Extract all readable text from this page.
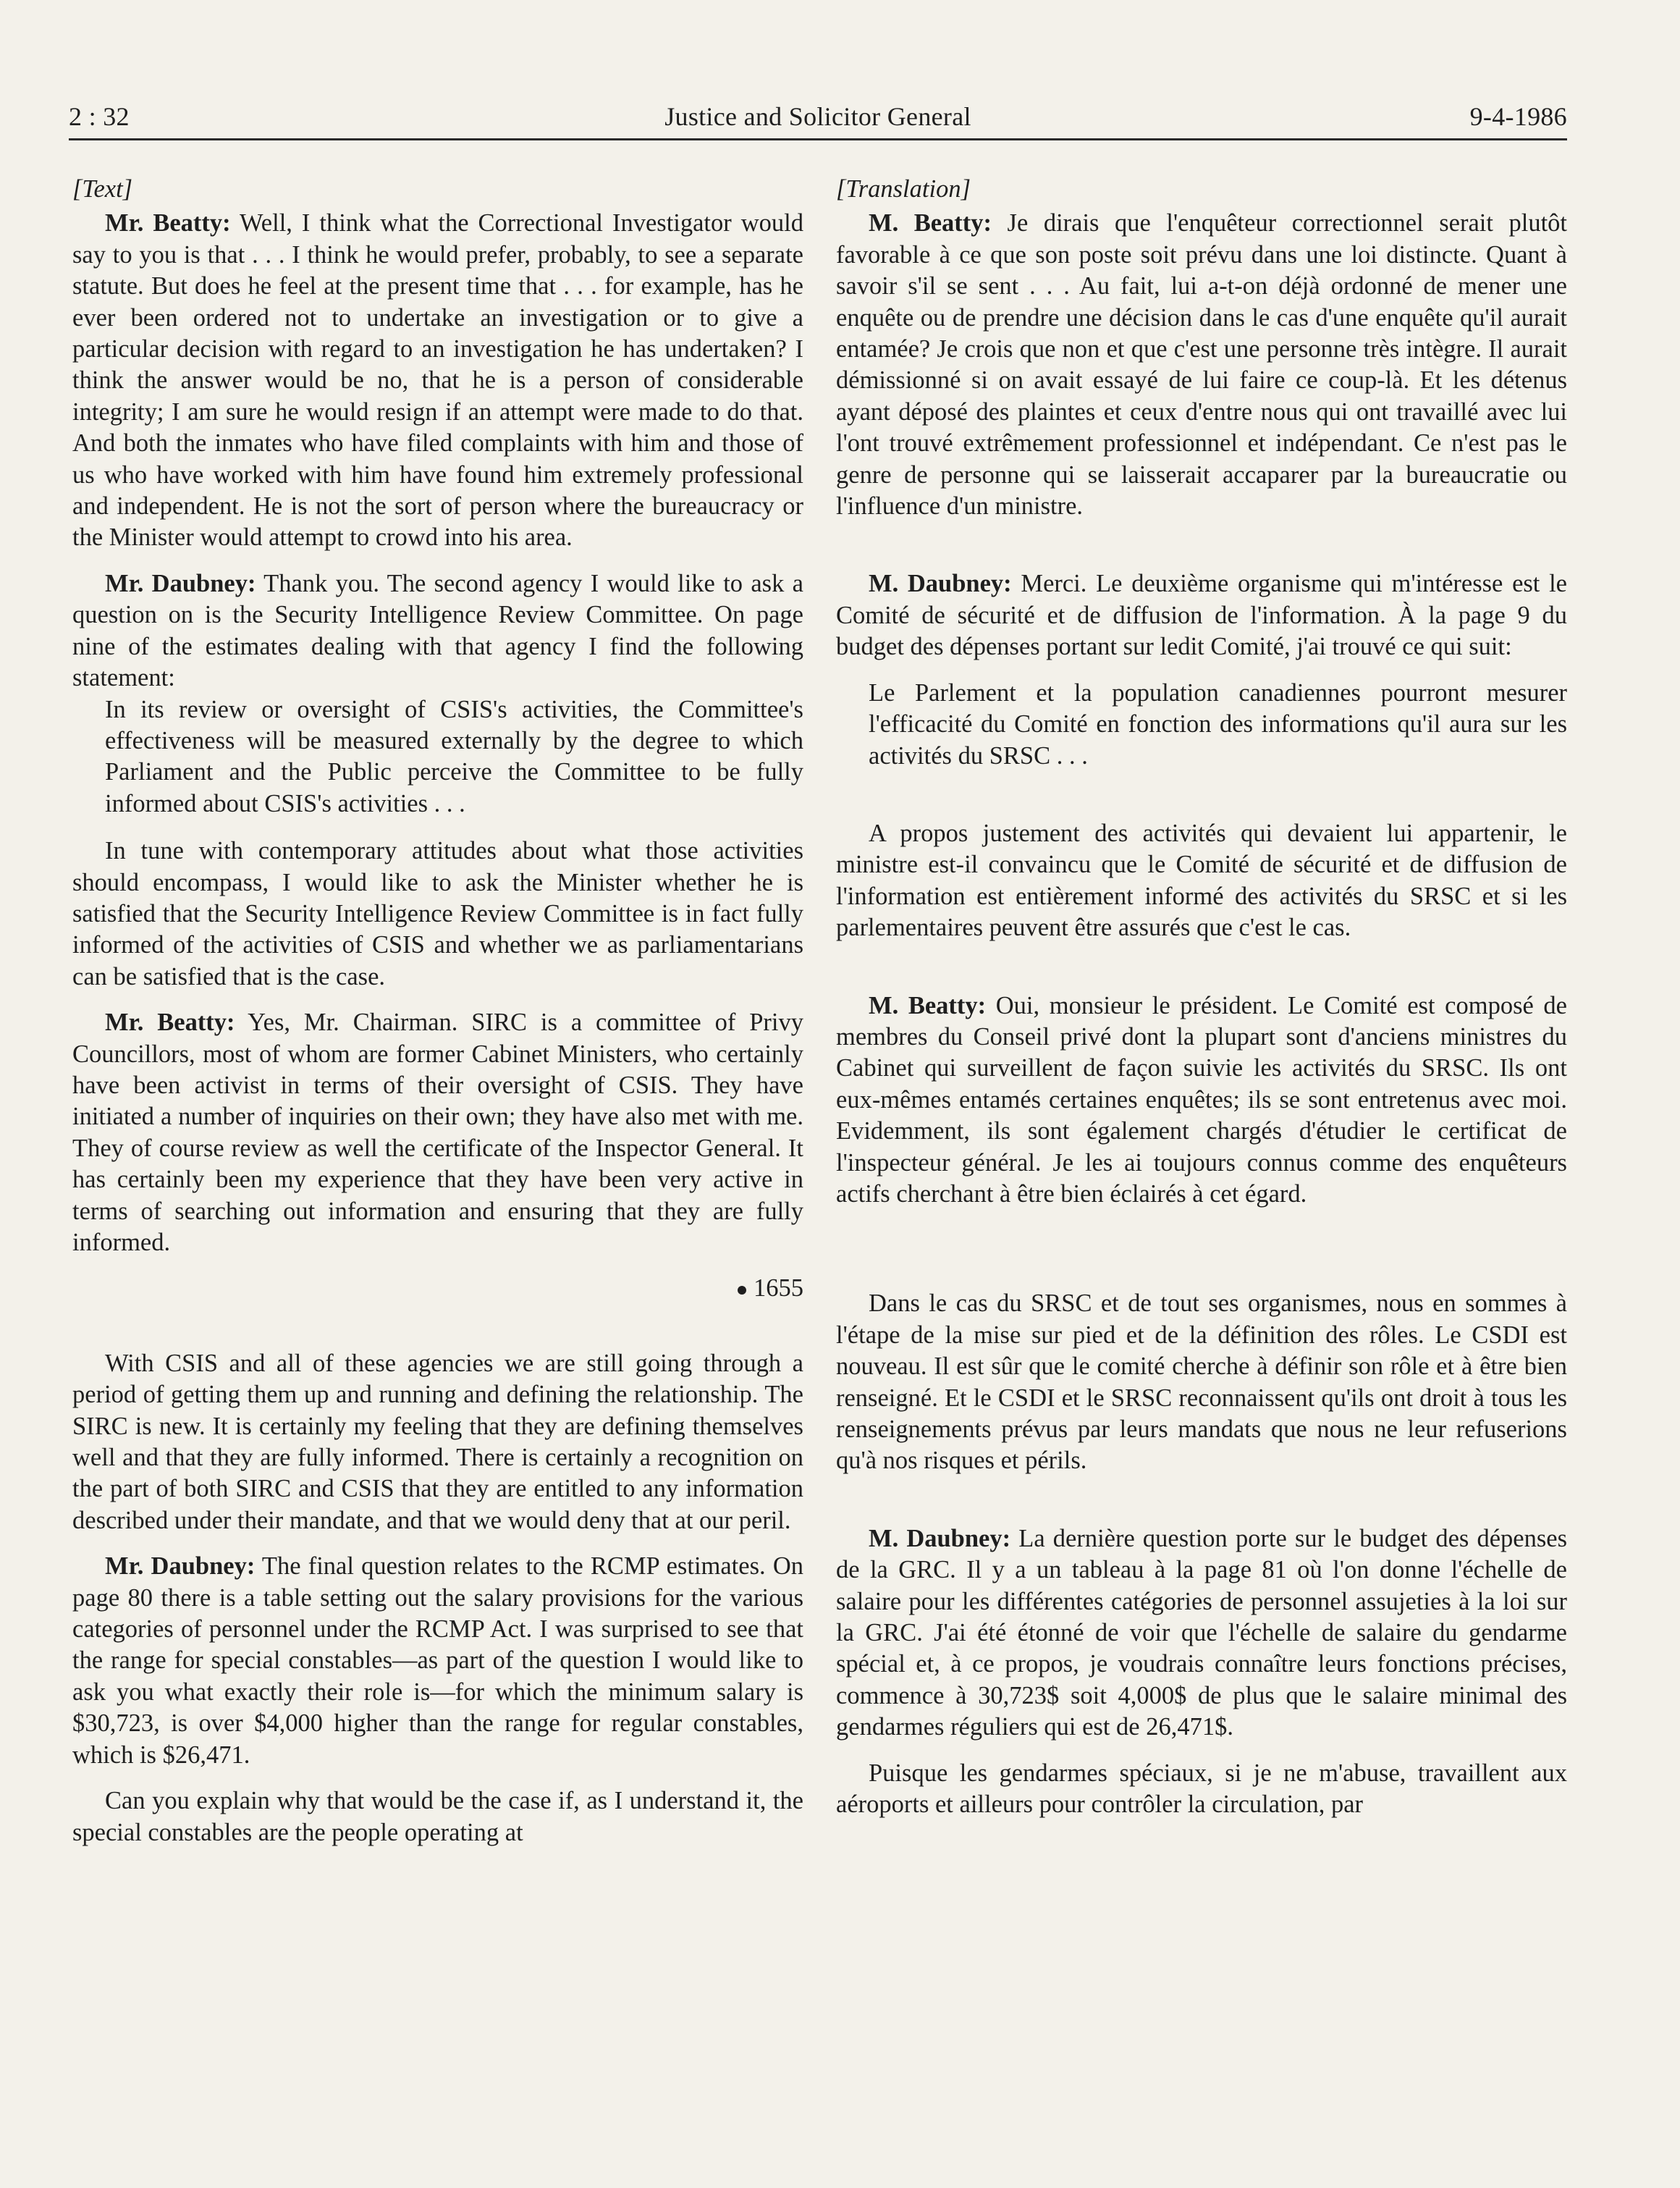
2 : 32	Justice and Solicitor General	9-4-1986
[Text]

Mr. Beatty: Well, I think what the Correctional Investigator would say to you is that . . . I think he would prefer, probably, to see a separate statute. But does he feel at the present time that . . . for example, has he ever been ordered not to undertake an investigation or to give a particular decision with regard to an investigation he has undertaken? I think the answer would be no, that he is a person of considerable integrity; I am sure he would resign if an attempt were made to do that. And both the inmates who have filed complaints with him and those of us who have worked with him have found him extremely professional and independent. He is not the sort of person where the bureaucracy or the Minister would attempt to crowd into his area.

Mr. Daubney: Thank you. The second agency I would like to ask a question on is the Security Intelligence Review Committee. On page nine of the estimates dealing with that agency I find the following statement:

In its review or oversight of CSIS's activities, the Committee's effectiveness will be measured externally by the degree to which Parliament and the Public perceive the Committee to be fully informed about CSIS's activities . . .

In tune with contemporary attitudes about what those activities should encompass, I would like to ask the Minister whether he is satisfied that the Security Intelligence Review Committee is in fact fully informed of the activities of CSIS and whether we as parliamentarians can be satisfied that is the case.

Mr. Beatty: Yes, Mr. Chairman. SIRC is a committee of Privy Councillors, most of whom are former Cabinet Ministers, who certainly have been activist in terms of their oversight of CSIS. They have initiated a number of inquiries on their own; they have also met with me. They of course review as well the certificate of the Inspector General. It has certainly been my experience that they have been very active in terms of searching out information and ensuring that they are fully informed.

1655

With CSIS and all of these agencies we are still going through a period of getting them up and running and defining the relationship. The SIRC is new. It is certainly my feeling that they are defining themselves well and that they are fully informed. There is certainly a recognition on the part of both SIRC and CSIS that they are entitled to any information described under their mandate, and that we would deny that at our peril.

Mr. Daubney: The final question relates to the RCMP estimates. On page 80 there is a table setting out the salary provisions for the various categories of personnel under the RCMP Act. I was surprised to see that the range for special constables—as part of the question I would like to ask you what exactly their role is—for which the minimum salary is $30,723, is over $4,000 higher than the range for regular constables, which is $26,471.

Can you explain why that would be the case if, as I understand it, the special constables are the people operating at

[Translation]

M. Beatty: Je dirais que l'enquêteur correctionnel serait plutôt favorable à ce que son poste soit prévu dans une loi distincte. Quant à savoir s'il se sent . . . Au fait, lui a-t-on déjà ordonné de mener une enquête ou de prendre une décision dans le cas d'une enquête qu'il aurait entamée? Je crois que non et que c'est une personne très intègre. Il aurait démissionné si on avait essayé de lui faire ce coup-là. Et les détenus ayant déposé des plaintes et ceux d'entre nous qui ont travaillé avec lui l'ont trouvé extrêmement professionnel et indépendant. Ce n'est pas le genre de personne qui se laisserait accaparer par la bureaucratie ou l'influence d'un ministre.

M. Daubney: Merci. Le deuxième organisme qui m'intéresse est le Comité de sécurité et de diffusion de l'information. À la page 9 du budget des dépenses portant sur ledit Comité, j'ai trouvé ce qui suit:

Le Parlement et la population canadiennes pourront mesurer l'efficacité du Comité en fonction des informations qu'il aura sur les activités du SRSC . . .

A propos justement des activités qui devaient lui appartenir, le ministre est-il convaincu que le Comité de sécurité et de diffusion de l'information est entièrement informé des activités du SRSC et si les parlementaires peuvent être assurés que c'est le cas.

M. Beatty: Oui, monsieur le président. Le Comité est composé de membres du Conseil privé dont la plupart sont d'anciens ministres du Cabinet qui surveillent de façon suivie les activités du SRSC. Ils ont eux-mêmes entamés certaines enquêtes; ils se sont entretenus avec moi. Evidemment, ils sont également chargés d'étudier le certificat de l'inspecteur général. Je les ai toujours connus comme des enquêteurs actifs cherchant à être bien éclairés à cet égard.

Dans le cas du SRSC et de tout ses organismes, nous en sommes à l'étape de la mise sur pied et de la définition des rôles. Le CSDI est nouveau. Il est sûr que le comité cherche à définir son rôle et à être bien renseigné. Et le CSDI et le SRSC reconnaissent qu'ils ont droit à tous les renseignements prévus par leurs mandats que nous ne leur refuserions qu'à nos risques et périls.

M. Daubney: La dernière question porte sur le budget des dépenses de la GRC. Il y a un tableau à la page 81 où l'on donne l'échelle de salaire pour les différentes catégories de personnel assujeties à la loi sur la GRC. J'ai été étonné de voir que l'échelle de salaire du gendarme spécial et, à ce propos, je voudrais connaître leurs fonctions précises, commence à 30,723$ soit 4,000$ de plus que le salaire minimal des gendarmes réguliers qui est de 26,471$.

Puisque les gendarmes spéciaux, si je ne m'abuse, travaillent aux aéroports et ailleurs pour contrôler la circulation, par
